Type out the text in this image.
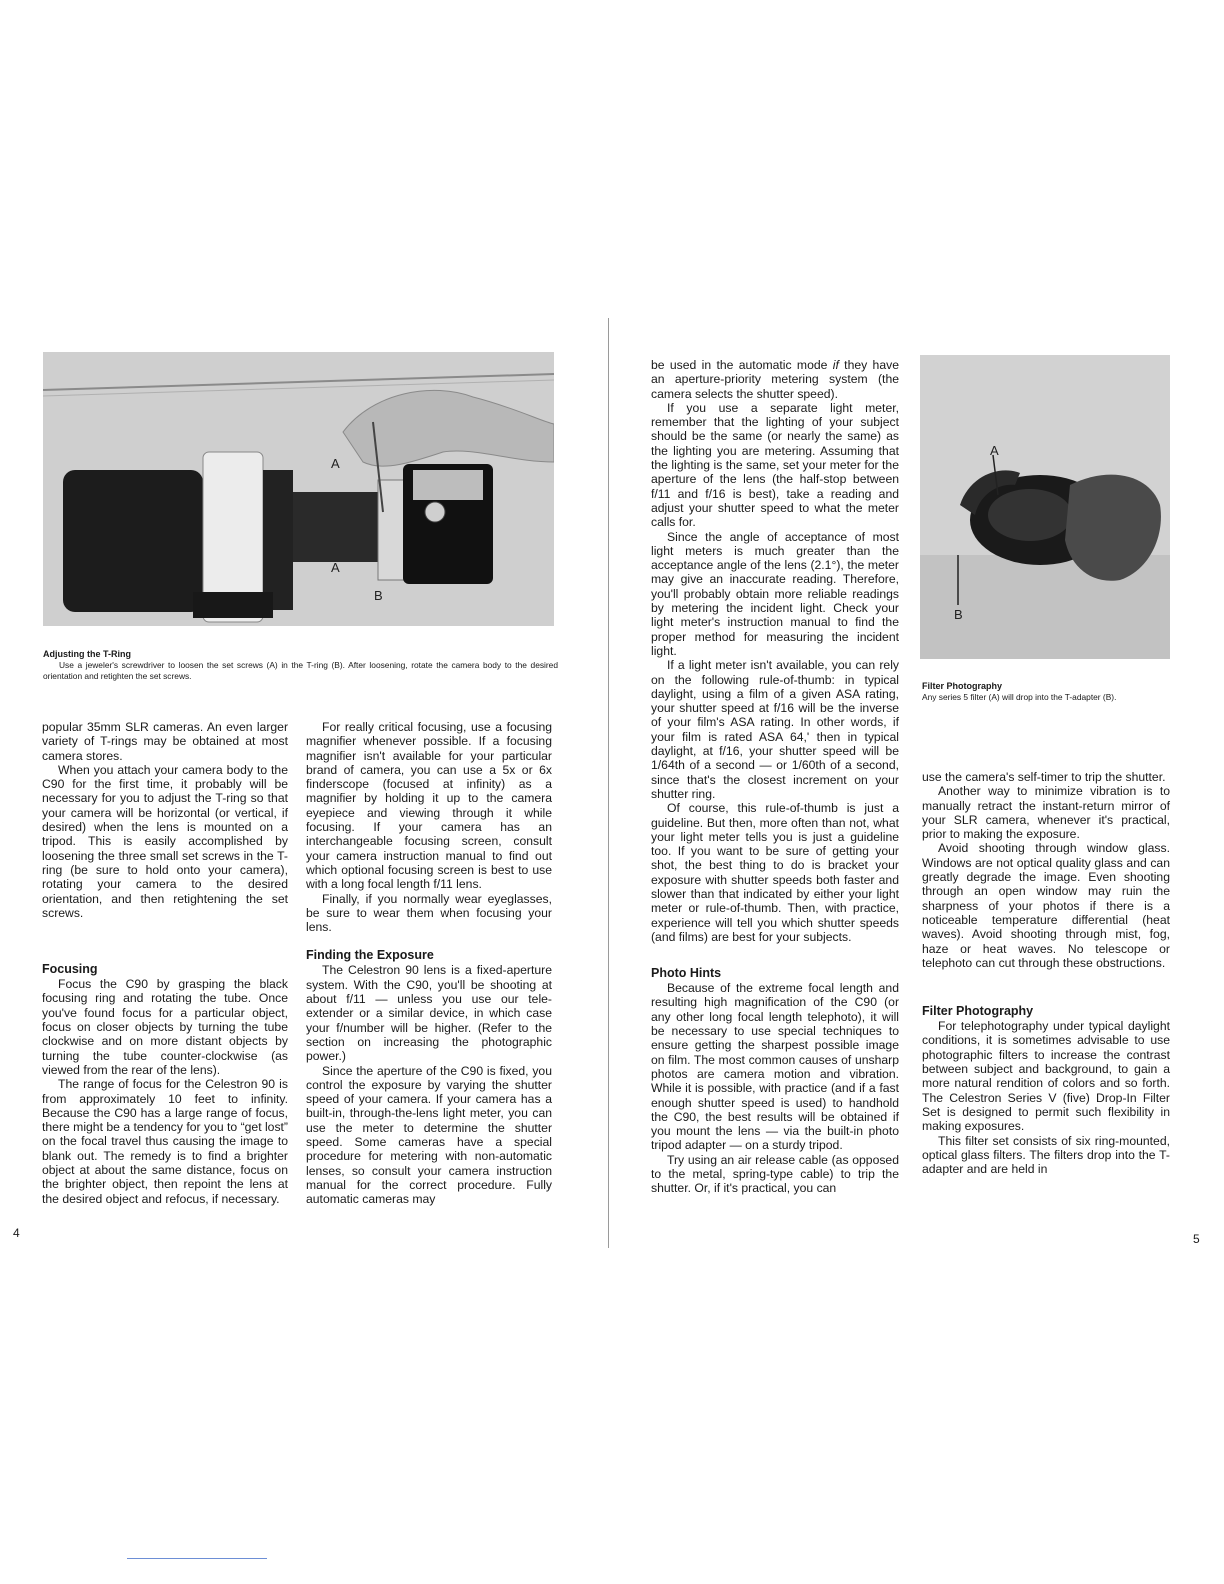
A
A
B
Adjusting the T-Ring
Use a jeweler's screwdriver to loosen the set screws (A) in the T-ring (B). After loosening, rotate the camera body to the desired orientation and retighten the set screws.

popular 35mm SLR cameras. An even larger variety of T-rings may be obtained at most camera stores.

When you attach your camera body to the C90 for the first time, it probably will be necessary for you to adjust the T-ring so that your camera will be horizontal (or vertical, if desired) when the lens is mounted on a tripod. This is easily accomplished by loosening the three small set screws in the T-ring (be sure to hold onto your camera), rotating your camera to the desired orientation, and then retightening the set screws.

Focusing

Focus the C90 by grasping the black focusing ring and rotating the tube. Once you've found focus for a particular object, focus on closer objects by turning the tube clockwise and on more distant objects by turning the tube counter-clockwise (as viewed from the rear of the lens).

The range of focus for the Celestron 90 is from approximately 10 feet to infinity. Because the C90 has a large range of focus, there might be a tendency for you to “get lost” on the focal travel thus causing the image to blank out. The remedy is to find a brighter object at about the same distance, focus on the brighter object, then repoint the lens at the desired object and refocus, if necessary.

For really critical focusing, use a focusing magnifier whenever possible. If a focusing magnifier isn't available for your particular brand of camera, you can use a 5x or 6x finderscope (focused at infinity) as a magnifier by holding it up to the camera eyepiece and viewing through it while focusing. If your camera has an interchangeable focusing screen, consult your camera instruction manual to find out which optional focusing screen is best to use with a long focal length f/11 lens.

Finally, if you normally wear eyeglasses, be sure to wear them when focusing your lens.

Finding the Exposure

The Celestron 90 lens is a fixed-aperture system. With the C90, you'll be shooting at about f/11 — unless you use our tele-extender or a similar device, in which case your f/number will be higher. (Refer to the section on increasing the photographic power.)

Since the aperture of the C90 is fixed, you control the exposure by varying the shutter speed of your camera. If your camera has a built-in, through-the-lens light meter, you can use the meter to determine the shutter speed. Some cameras have a special procedure for metering with non-automatic lenses, so consult your camera instruction manual for the correct procedure. Fully automatic cameras may

4

be used in the automatic mode if they have an aperture-priority metering system (the camera selects the shutter speed).

If you use a separate light meter, remember that the lighting of your subject should be the same (or nearly the same) as the lighting you are metering. Assuming that the lighting is the same, set your meter for the aperture of the lens (the half-stop between f/11 and f/16 is best), take a reading and adjust your shutter speed to what the meter calls for.

Since the angle of acceptance of most light meters is much greater than the acceptance angle of the lens (2.1°), the meter may give an inaccurate reading. Therefore, you'll probably obtain more reliable readings by metering the incident light. Check your light meter's instruction manual to find the proper method for measuring the incident light.

If a light meter isn't available, you can rely on the following rule-of-thumb: in typical daylight, using a film of a given ASA rating, your shutter speed at f/16 will be the inverse of your film's ASA rating. In other words, if your film is rated ASA 64,' then in typical daylight, at f/16, your shutter speed will be 1/64th of a second — or 1/60th of a second, since that's the closest increment on your shutter ring.

Of course, this rule-of-thumb is just a guideline. But then, more often than not, what your light meter tells you is just a guideline too. If you want to be sure of getting your shot, the best thing to do is bracket your exposure with shutter speeds both faster and slower than that indicated by either your light meter or rule-of-thumb. Then, with practice, experience will tell you which shutter speeds (and films) are best for your subjects.

Photo Hints

Because of the extreme focal length and resulting high magnification of the C90 (or any other long focal length telephoto), it will be necessary to use special techniques to ensure getting the sharpest possible image on film. The most common causes of unsharp photos are camera motion and vibration. While it is possible, with practice (and if a fast enough shutter speed is used) to handhold the C90, the best results will be obtained if you mount the lens — via the built-in photo tripod adapter — on a sturdy tripod.

Try using an air release cable (as opposed to the metal, spring-type cable) to trip the shutter. Or, if it's practical, you can

A
B
Filter Photography
Any series 5 filter (A) will drop into the T-adapter (B).

use the camera's self-timer to trip the shutter.

Another way to minimize vibration is to manually retract the instant-return mirror of your SLR camera, whenever it's practical, prior to making the exposure.

Avoid shooting through window glass. Windows are not optical quality glass and can greatly degrade the image. Even shooting through an open window may ruin the sharpness of your photos if there is a noticeable temperature differential (heat waves). Avoid shooting through mist, fog, haze or heat waves. No telescope or telephoto can cut through these obstructions.

Filter Photography

For telephotography under typical daylight conditions, it is sometimes advisable to use photographic filters to increase the contrast between subject and background, to gain a more natural rendition of colors and so forth. The Celestron Series V (five) Drop-In Filter Set is designed to permit such flexibility in making exposures.

This filter set consists of six ring-mounted, optical glass filters. The filters drop into the T-adapter and are held in

5
